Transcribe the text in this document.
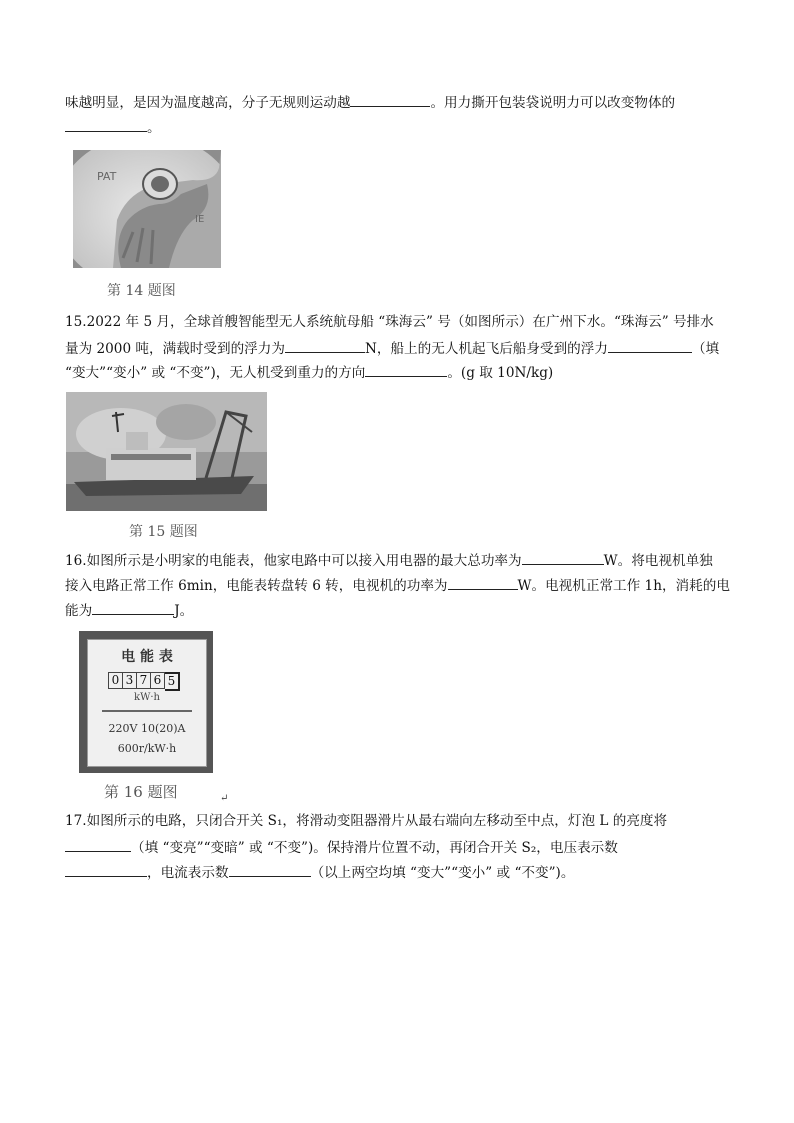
味越明显，是因为温度越高，分子无规则运动越	。用力撕开包装袋说明力可以改变物体的
。
PAT
IE
第 14 题图
15.2022 年 5 月，全球首艘智能型无人系统航母船 “珠海云” 号（如图所示）在广州下水。“珠海云” 号排水
量为 2000 吨，满载时受到的浮力为	N，船上的无人机起飞后船身受到的浮力	（填
“变大”“变小” 或 “不变”)，无人机受到重力的方向	。(g 取 10N/kg)
第 15 题图
16.如图所示是小明家的电能表，他家电路中可以接入用电器的最大总功率为	W。将电视机单独
接入电路正常工作 6min，电能表转盘转 6 转，电视机的功率为	W。电视机正常工作 1h，消耗的电
能为	J。
电 能 表
0 3 7 6 5
kW·h
220V 10(20)A
600r/kW·h
第 16 题图	↵
17.如图所示的电路，只闭合开关 S₁，将滑动变阻器滑片从最右端向左移动至中点，灯泡 L 的亮度将
（填 “变亮”“变暗” 或 “不变”)。保持滑片位置不动，再闭合开关 S₂，电压表示数
，电流表示数	（以上两空均填 “变大”“变小” 或 “不变”)。
